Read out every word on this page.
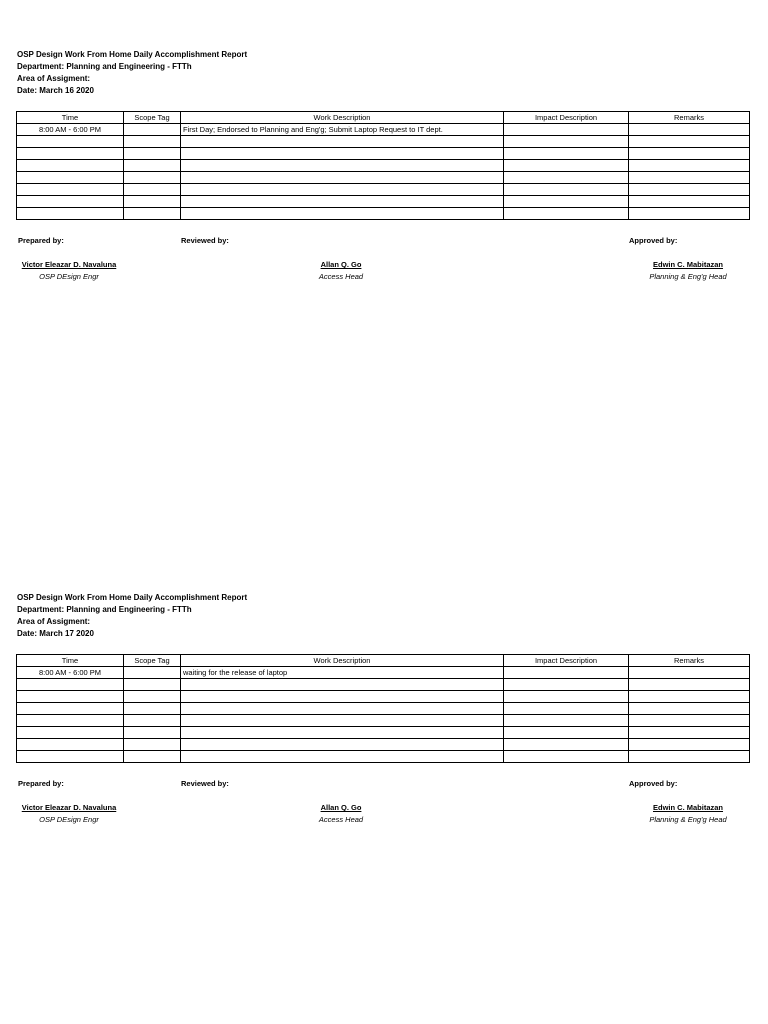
OSP Design Work From Home Daily Accomplishment Report
Department: Planning and Engineering - FTTh
Area of Assigment:
Date: March 16 2020
Time	Scope Tag	Work Description	Impact Description	Remarks
8:00 AM - 6:00 PM		First Day; Endorsed to Planning and Eng'g; Submit Laptop Request to IT dept.		

Prepared by:	Reviewed by:	Approved by:
Victor Eleazar D. Navaluna
OSP DEsign Engr
Allan Q. Go
Access Head
Edwin C. Mabitazan
Planning & Eng'g Head
OSP Design Work From Home Daily Accomplishment Report
Department: Planning and Engineering - FTTh
Area of Assigment:
Date: March 17 2020
Time	Scope Tag	Work Description	Impact Description	Remarks
8:00 AM - 6:00 PM		waiting for the release of laptop		

Prepared by:	Reviewed by:	Approved by:
Victor Eleazar D. Navaluna
OSP DEsign Engr
Allan Q. Go
Access Head
Edwin C. Mabitazan
Planning & Eng'g Head
